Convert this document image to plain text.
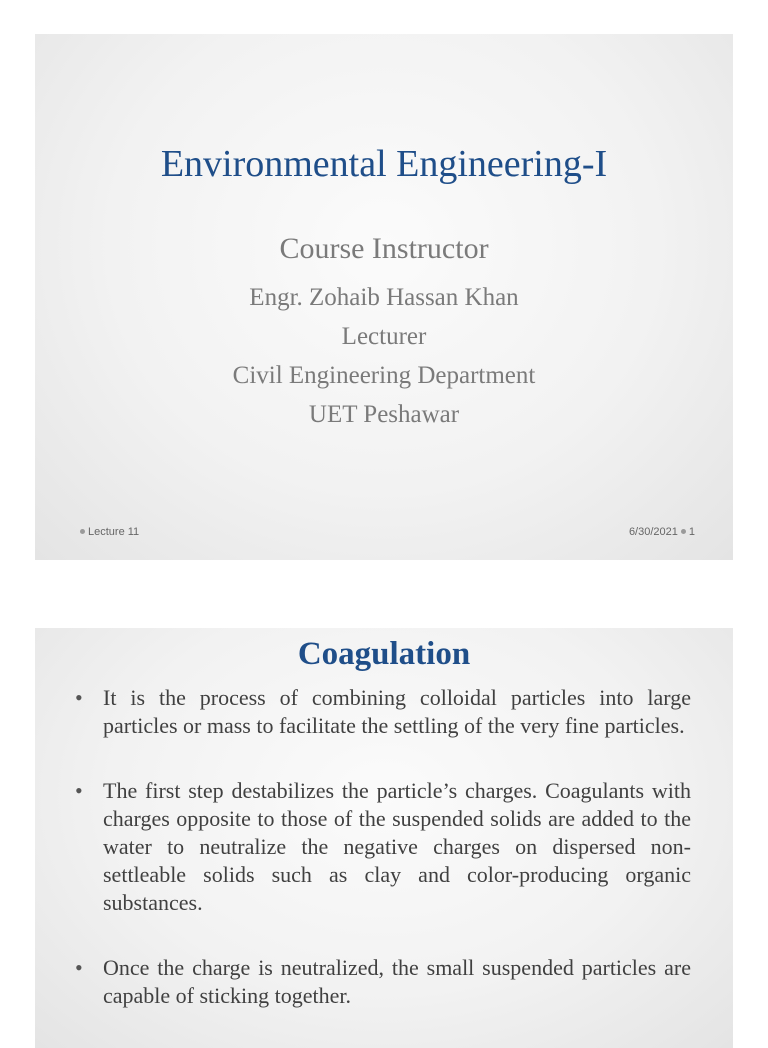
Environmental Engineering-I
Course Instructor
Engr. Zohaib Hassan Khan
Lecturer
Civil Engineering Department
UET Peshawar
Lecture 11	6/30/2021 1
Coagulation
• It is the process of combining colloidal particles into large particles or mass to facilitate the settling of the very fine particles.
• The first step destabilizes the particle’s charges. Coagulants with charges opposite to those of the suspended solids are added to the water to neutralize the negative charges on dispersed non-settleable solids such as clay and color-producing organic substances.
• Once the charge is neutralized, the small suspended particles are capable of sticking together.
